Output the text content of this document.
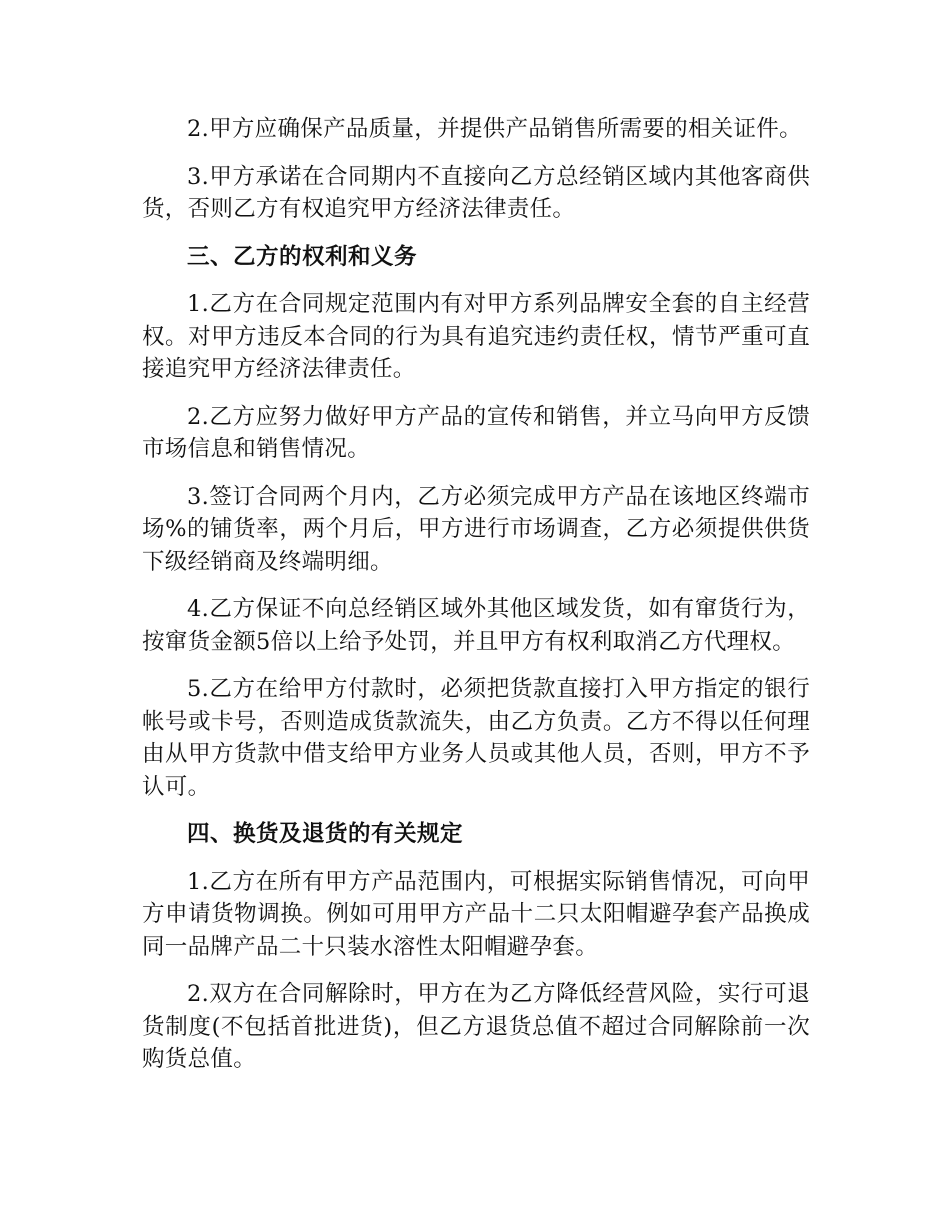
2.甲方应确保产品质量，并提供产品销售所需要的相关证件。

3.甲方承诺在合同期内不直接向乙方总经销区域内其他客商供货，否则乙方有权追究甲方经济法律责任。

三、乙方的权利和义务

1.乙方在合同规定范围内有对甲方系列品牌安全套的自主经营权。对甲方违反本合同的行为具有追究违约责任权，情节严重可直接追究甲方经济法律责任。

2.乙方应努力做好甲方产品的宣传和销售，并立马向甲方反馈市场信息和销售情况。

3.签订合同两个月内，乙方必须完成甲方产品在该地区终端市场%的铺货率，两个月后，甲方进行市场调查，乙方必须提供供货下级经销商及终端明细。

4.乙方保证不向总经销区域外其他区域发货，如有窜货行为，按窜货金额5倍以上给予处罚，并且甲方有权利取消乙方代理权。

5.乙方在给甲方付款时，必须把货款直接打入甲方指定的银行帐号或卡号，否则造成货款流失，由乙方负责。乙方不得以任何理由从甲方货款中借支给甲方业务人员或其他人员，否则，甲方不予认可。

四、换货及退货的有关规定

1.乙方在所有甲方产品范围内，可根据实际销售情况，可向甲方申请货物调换。例如可用甲方产品十二只太阳帽避孕套产品换成同一品牌产品二十只装水溶性太阳帽避孕套。

2.双方在合同解除时，甲方在为乙方降低经营风险，实行可退货制度(不包括首批进货)，但乙方退货总值不超过合同解除前一次购货总值。
